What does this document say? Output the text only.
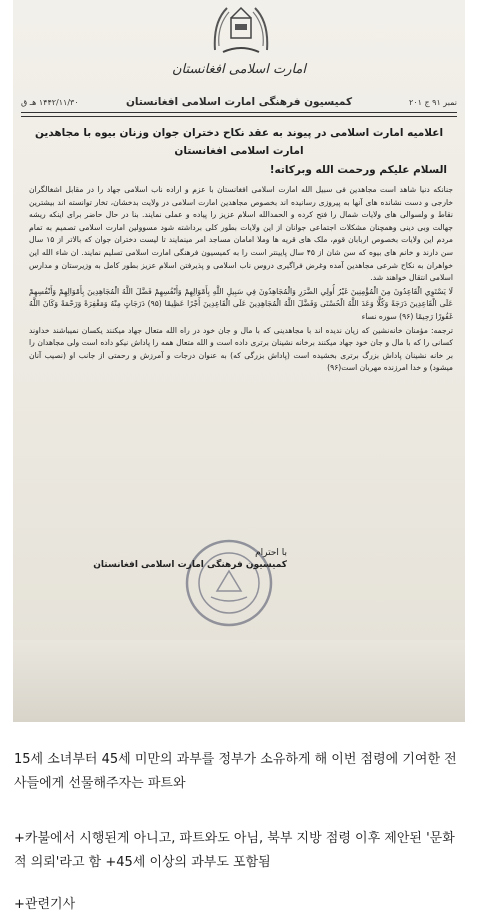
امارت اسلامی افغانستان
کمیسیون فرهنگی امارت اسلامی افغانستان	نمبر ۹۱ ج ۲۰۱
۱۴۴۲/۱۱/۳۰ هـ ق
اعلامیه امارت اسلامی در پیوند به عقد نکاح دختران جوان وزنان بیوه با مجاهدین امارت اسلامی افغانستان
السلام علیکم ورحمت الله وبرکاته!

جنانکه دنیا شاهد است مجاهدین فی سبیل الله امارت اسلامی افغانستان با عزم و اراده ناب اسلامی جهاد را در مقابل اشغالگران خارجی و دست نشانده های آنها به پیروزی رسانیده اند بخصوص مجاهدین امارت اسلامی در ولایت بدخشان، تخار توانسته اند بیشترین نقاط و ولسوالی های ولایات شمال را فتح کرده و الحمدالله اسلام عزیز را پیاده و عملی نمایند. بنا در حال حاضر برای اینکه ریشه جهالت وبی دینی وهمچنان مشکلات اجتماعی جوانان از این ولایات بطور کلی برداشته شود مسوولین امارت اسلامی تصمیم به تمام مردم این ولایات بخصوص اربابان قوم، ملک های قریه ها وملا امامان مساجد امر مینمایند تا لیست دختران جوان که بالاتر از ۱۵ سال سن دارند و خانم های بیوه که سن شان از ۴۵ سال پایینتر است را به کمیسیون فرهنگی امارت اسلامی تسلیم نمایند. ان شاء الله این خواهران به نکاح شرعی مجاهدین آمده وغرض فراگیری دروس ناب اسلامی و پذیرفتن اسلام عزیز بطور کامل به وزیرستان و مدارس اسلامی انتقال خواهند شد.

لَا يَسْتَوِي الْقَاعِدُونَ مِنَ الْمُؤْمِنِينَ غَيْرُ أُولِي الضَّرَرِ وَالْمُجَاهِدُونَ فِي سَبِيلِ اللَّهِ بِأَمْوَالِهِمْ وَأَنْفُسِهِمْ فَضَّلَ اللَّهُ الْمُجَاهِدِينَ بِأَمْوَالِهِمْ وَأَنْفُسِهِمْ عَلَى الْقَاعِدِينَ دَرَجَةً وَكُلًّا وَعَدَ اللَّهُ الْحُسْنَى وَفَضَّلَ اللَّهُ الْمُجَاهِدِينَ عَلَى الْقَاعِدِينَ أَجْرًا عَظِيمًا (۹۵) دَرَجَاتٍ مِنْهُ وَمَغْفِرَةً وَرَحْمَةً وَكَانَ اللَّهُ غَفُورًا رَحِيمًا (۹۶) سوره نساء

ترجمه: مؤمنان خانەنشین که زیان ندیده اند با مجاهدینی که با مال و جان خود در راه الله متعال جهاد میکنند یکسان نمیباشند خداوند کسانی را که با مال و جان خود جهاد میکنند برخانه نشینان برتری داده است و الله متعال همه را پاداش نیکو داده است ولی مجاهدان را بر خانه نشینان پاداش بزرگ برتری بخشیده است (پاداش بزرگی که) به عنوان درجات و آمرزش و رحمتی از جانب او (نصیب آنان میشود) و خدا امرزنده مهربان است(۹۶)

با احترام
کمیسیون فرهنگی امارت اسلامی افغانستان
15세 소녀부터 45세 미만의 과부를 정부가 소유하게 해 이번 점령에 기여한 전사들에게 선물해주자는 파트와
+카불에서 시행된게 아니고, 파트와도 아님, 북부 지방 점령 이후 제안된 '문화적 의뢰'라고 함 +45세 이상의 과부도 포함됨
+관련기사
